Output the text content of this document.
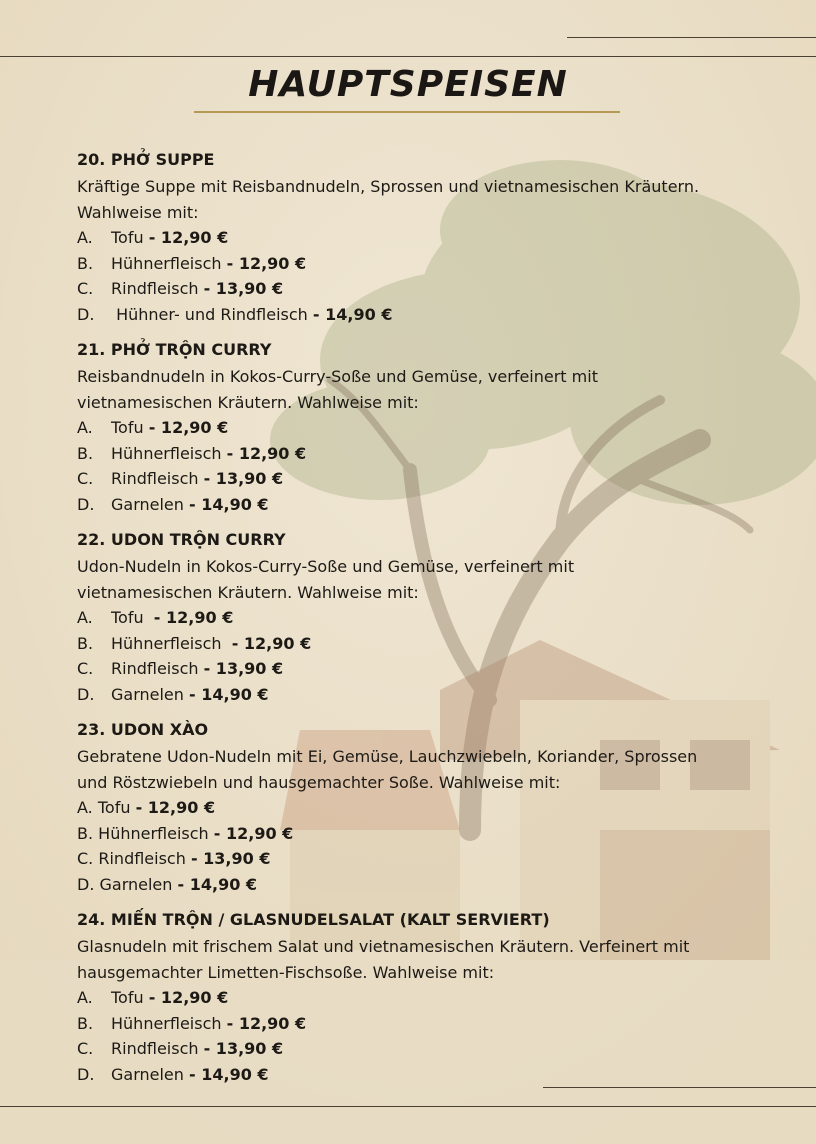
HAUPTSPEISEN
20. PHỞ SUPPE
Kräftige Suppe mit Reisbandnudeln, Sprossen und vietnamesischen Kräutern.
Wahlweise mit:
A. Tofu - 12,90 €
B. Hühnerfleisch - 12,90 €
C. Rindfleisch - 13,90 €
D. Hühner- und Rindfleisch - 14,90 €
21. PHỞ TRỘN CURRY
Reisbandnudeln in Kokos-Curry-Soße und Gemüse, verfeinert mit
vietnamesischen Kräutern. Wahlweise mit:
A. Tofu - 12,90 €
B. Hühnerfleisch - 12,90 €
C. Rindfleisch - 13,90 €
D. Garnelen - 14,90 €
22. UDON TRỘN CURRY
Udon-Nudeln in Kokos-Curry-Soße und Gemüse, verfeinert mit
vietnamesischen Kräutern. Wahlweise mit:
A. Tofu  - 12,90 €
B. Hühnerfleisch  - 12,90 €
C. Rindfleisch - 13,90 €
D. Garnelen - 14,90 €
23. UDON XÀO
Gebratene Udon-Nudeln mit Ei, Gemüse, Lauchzwiebeln, Koriander, Sprossen
und Röstzwiebeln und hausgemachter Soße. Wahlweise mit:
A. Tofu - 12,90 €
B. Hühnerfleisch - 12,90 €
C. Rindfleisch - 13,90 €
D. Garnelen - 14,90 €
24. MIẾN TRỘN / GLASNUDELSALAT (KALT SERVIERT)
Glasnudeln mit frischem Salat und vietnamesischen Kräutern. Verfeinert mit
hausgemachter Limetten-Fischsoße. Wahlweise mit:
A. Tofu - 12,90 €
B. Hühnerfleisch - 12,90 €
C. Rindfleisch - 13,90 €
D. Garnelen - 14,90 €
